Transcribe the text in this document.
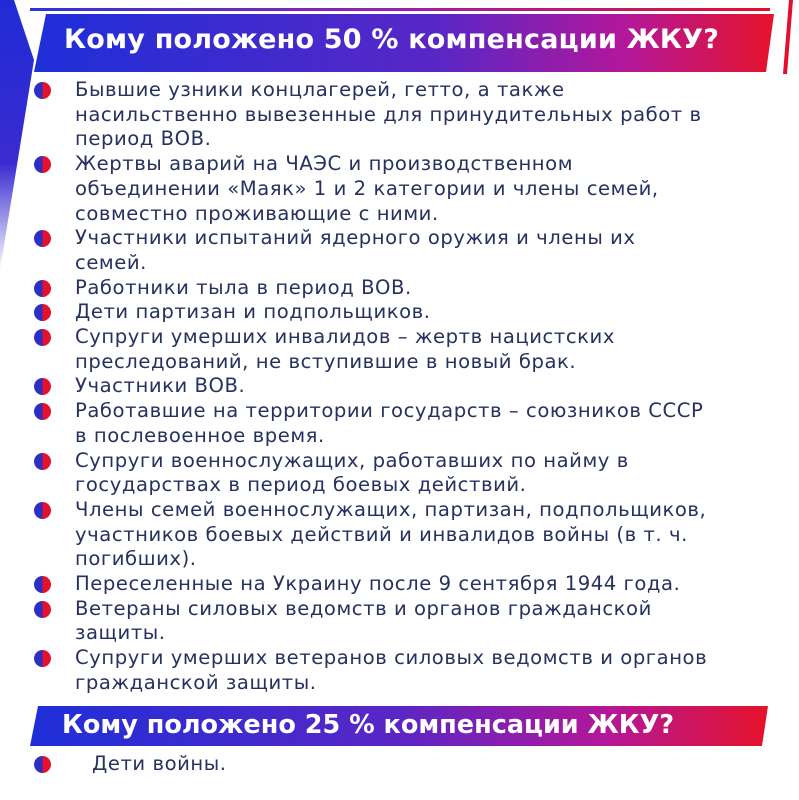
Кому положено 50 % компенсации ЖКУ?
Бывшие узники концлагерей, гетто, а также
насильственно вывезенные для принудительных работ в
период ВОВ.
Жертвы аварий на ЧАЭС и производственном
объединении «Маяк» 1 и 2 категории и члены семей,
совместно проживающие с ними.
Участники испытаний ядерного оружия и члены их
семей.
Работники тыла в период ВОВ.
Дети партизан и подпольщиков.
Супруги умерших инвалидов – жертв нацистских
преследований, не вступившие в новый брак.
Участники ВОВ.
Работавшие на территории государств – союзников СССР
в послевоенное время.
Супруги военнослужащих, работавших по найму в
государствах в период боевых действий.
Члены семей военнослужащих, партизан, подпольщиков,
участников боевых действий и инвалидов войны (в т. ч.
погибших).
Переселенные на Украину после 9 сентября 1944 года.
Ветераны силовых ведомств и органов гражданской
защиты.
Супруги умерших ветеранов силовых ведомств и органов
гражданской защиты.
Кому положено 25 % компенсации ЖКУ?
Дети войны.
